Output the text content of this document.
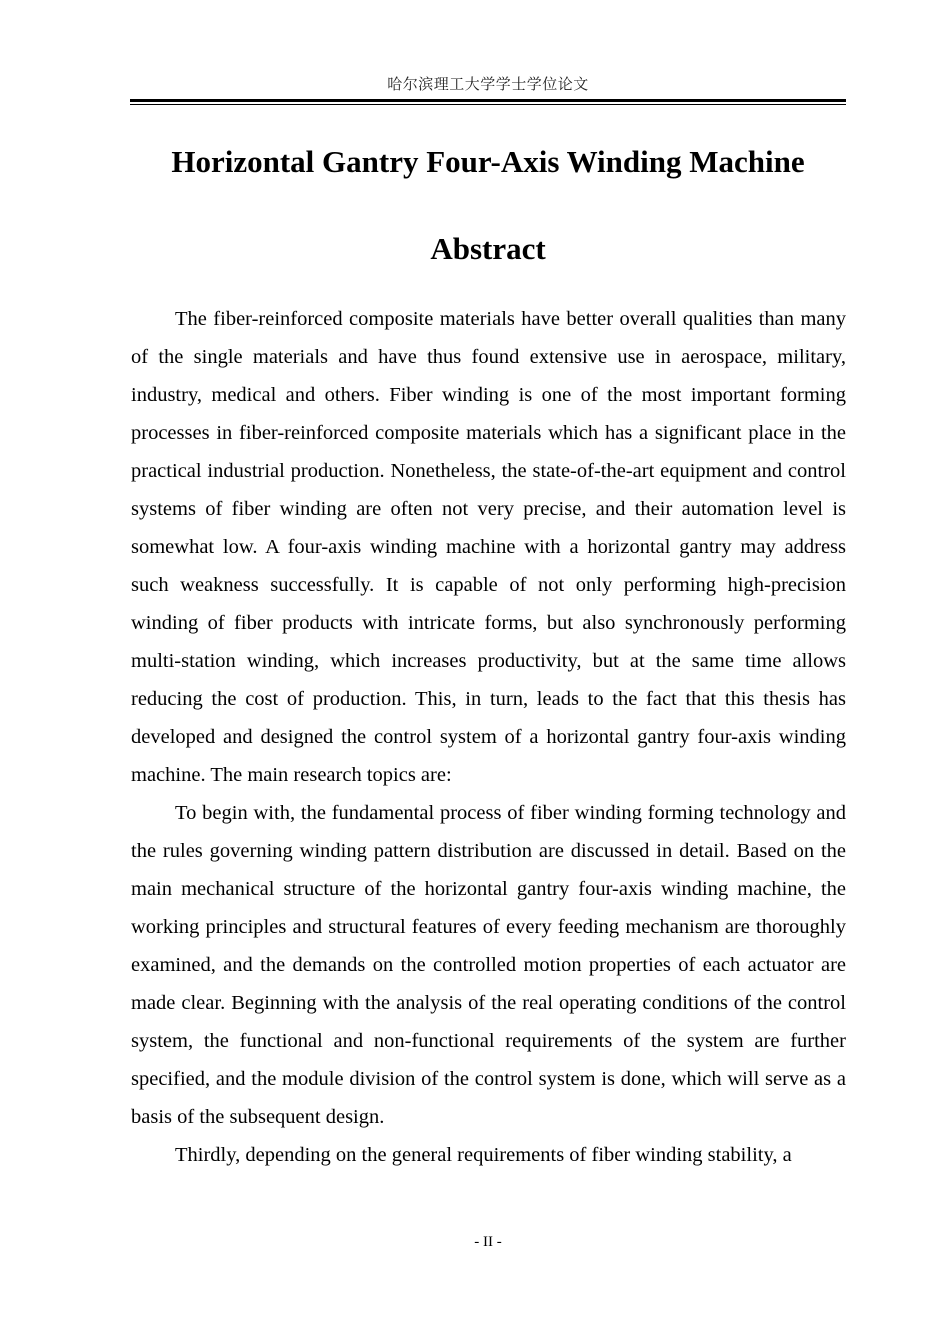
哈尔滨理工大学学士学位论文
Horizontal Gantry Four-Axis Winding Machine
Abstract

The fiber-reinforced composite materials have better overall qualities than many of the single materials and have thus found extensive use in aerospace, military, industry, medical and others. Fiber winding is one of the most important forming processes in fiber-reinforced composite materials which has a significant place in the practical industrial production. Nonetheless, the state-of-the-art equipment and control systems of fiber winding are often not very precise, and their automation level is somewhat low. A four-axis winding machine with a horizontal gantry may address such weakness successfully. It is capable of not only performing high-precision winding of fiber products with intricate forms, but also synchronously performing multi-station winding, which increases productivity, but at the same time allows reducing the cost of production. This, in turn, leads to the fact that this thesis has developed and designed the control system of a horizontal gantry four-axis winding machine. The main research topics are:

To begin with, the fundamental process of fiber winding forming technology and the rules governing winding pattern distribution are discussed in detail. Based on the main mechanical structure of the horizontal gantry four-axis winding machine, the working principles and structural features of every feeding mechanism are thoroughly examined, and the demands on the controlled motion properties of each actuator are made clear. Beginning with the analysis of the real operating conditions of the control system, the functional and non-functional requirements of the system are further specified, and the module division of the control system is done, which will serve as a basis of the subsequent design.

Thirdly, depending on the general requirements of fiber winding stability, a

- II -
